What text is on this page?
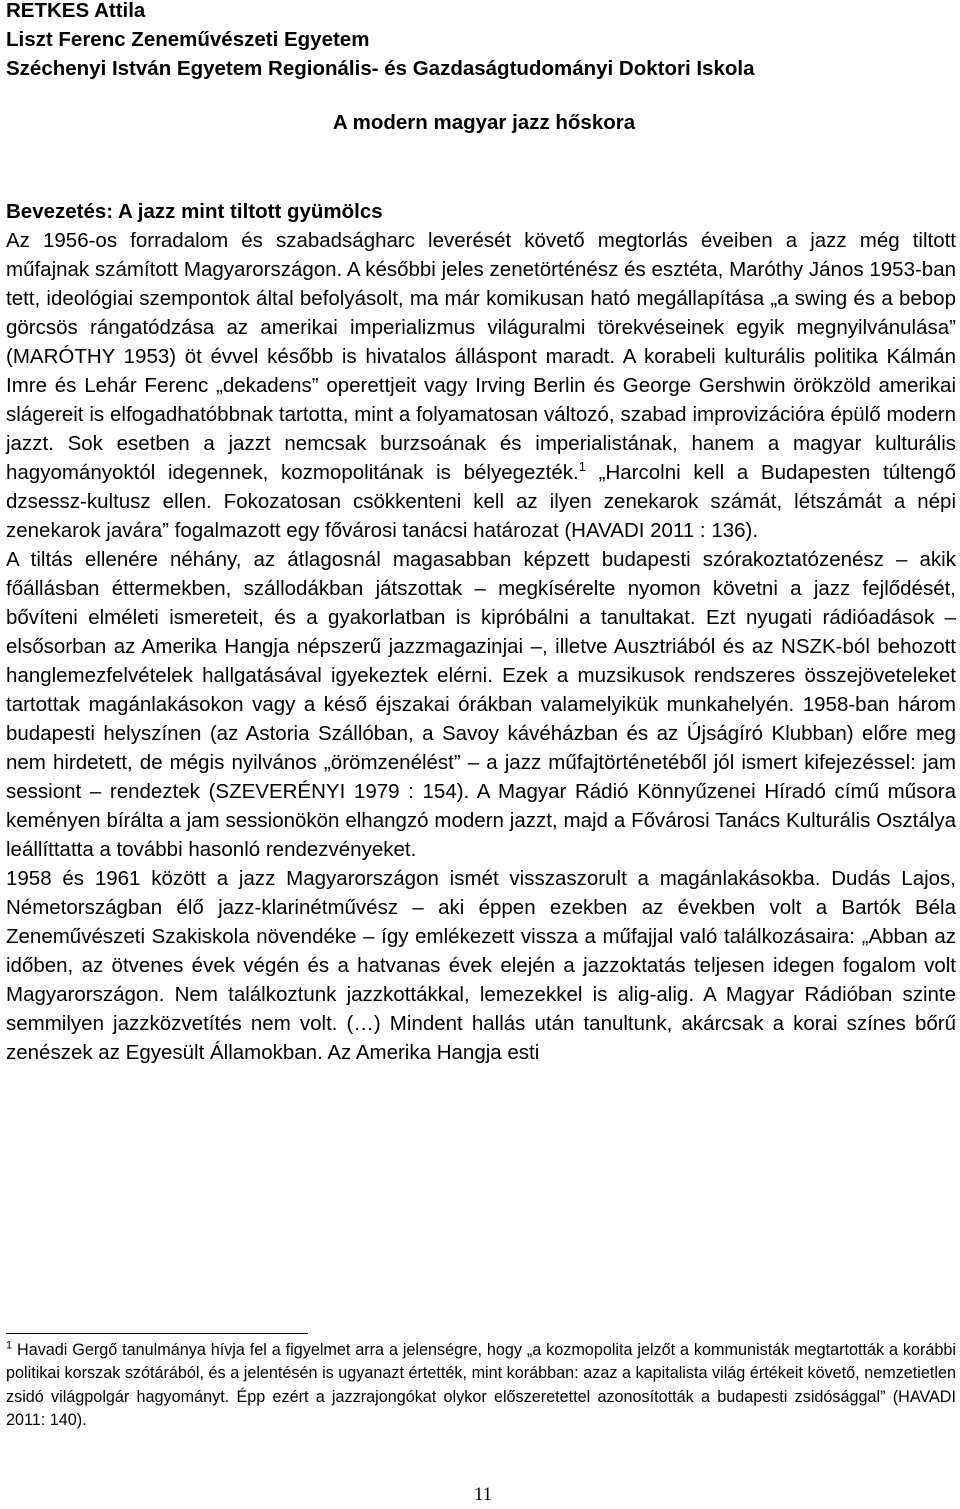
RETKES Attila
Liszt Ferenc Zeneművészeti Egyetem
Széchenyi István Egyetem Regionális- és Gazdaságtudományi Doktori Iskola
A modern magyar jazz hőskora
Bevezetés: A jazz mint tiltott gyümölcs

Az 1956-os forradalom és szabadságharc leverését követő megtorlás éveiben a jazz még tiltott műfajnak számított Magyarországon. A későbbi jeles zenetörténész és esztéta, Maróthy János 1953-ban tett, ideológiai szempontok által befolyásolt, ma már komikusan ható megállapítása „a swing és a bebop görcsös rángatódzása az amerikai imperializmus világuralmi törekvéseinek egyik megnyilvánulása” (MARÓTHY 1953) öt évvel később is hivatalos álláspont maradt. A korabeli kulturális politika Kálmán Imre és Lehár Ferenc „dekadens” operettjeit vagy Irving Berlin és George Gershwin örökzöld amerikai slágereit is elfogadhatóbbnak tartotta, mint a folyamatosan változó, szabad improvizációra épülő modern jazzt. Sok esetben a jazzt nemcsak burzsoának és imperialistának, hanem a magyar kulturális hagyományoktól idegennek, kozmopolitának is bélyegezték.$^1$ „Harcolni kell a Budapesten túltengő dzsessz-kultusz ellen. Fokozatosan csökkenteni kell az ilyen zenekarok számát, létszámát a népi zenekarok javára” fogalmazott egy fővárosi tanácsi határozat (HAVADI 2011 : 136).

A tiltás ellenére néhány, az átlagosnál magasabban képzett budapesti szórakoztatózenész – akik főállásban éttermekben, szállodákban játszottak – megkísérelte nyomon követni a jazz fejlődését, bővíteni elméleti ismereteit, és a gyakorlatban is kipróbálni a tanultakat. Ezt nyugati rádióadások – elsősorban az Amerika Hangja népszerű jazzmagazinjai –, illetve Ausztriából és az NSZK-ból behozott hanglemezfelvételek hallgatásával igyekeztek elérni. Ezek a muzsikusok rendszeres összejöveteleket tartottak magánlakásokon vagy a késő éjszakai órákban valamelyikük munkahelyén. 1958-ban három budapesti helyszínen (az Astoria Szállóban, a Savoy kávéházban és az Újságíró Klubban) előre meg nem hirdetett, de mégis nyilvános „örömzenélést” – a jazz műfajtörténetéből jól ismert kifejezéssel: jam sessiont – rendeztek (SZEVERÉNYI 1979 : 154). A Magyar Rádió Könnyűzenei Híradó című műsora keményen bírálta a jam sessionökön elhangzó modern jazzt, majd a Fővárosi Tanács Kulturális Osztálya leállíttatta a további hasonló rendezvényeket.

1958 és 1961 között a jazz Magyarországon ismét visszaszorult a magánlakásokba. Dudás Lajos, Németországban élő jazz-klarinétművész – aki éppen ezekben az években volt a Bartók Béla Zeneművészeti Szakiskola növendéke – így emlékezett vissza a műfajjal való találkozásaira: „Abban az időben, az ötvenes évek végén és a hatvanas évek elején a jazzoktatás teljesen idegen fogalom volt Magyarországon. Nem találkoztunk jazzkottákkal, lemezekkel is alig-alig. A Magyar Rádióban szinte semmilyen jazzközvetítés nem volt. (…) Mindent hallás után tanultunk, akárcsak a korai színes bőrű zenészek az Egyesült Államokban. Az Amerika Hangja esti

$^1$ Havadi Gergő tanulmánya hívja fel a figyelmet arra a jelenségre, hogy „a kozmopolita jelzőt a kommunisták megtartották a korábbi politikai korszak szótárából, és a jelentésén is ugyanazt értették, mint korábban: azaz a kapitalista világ értékeit követő, nemzetietlen zsidó világpolgár hagyományt. Épp ezért a jazzrajongókat olykor előszeretettel azonosították a budapesti zsidósággal” (HAVADI 2011: 140).

11
